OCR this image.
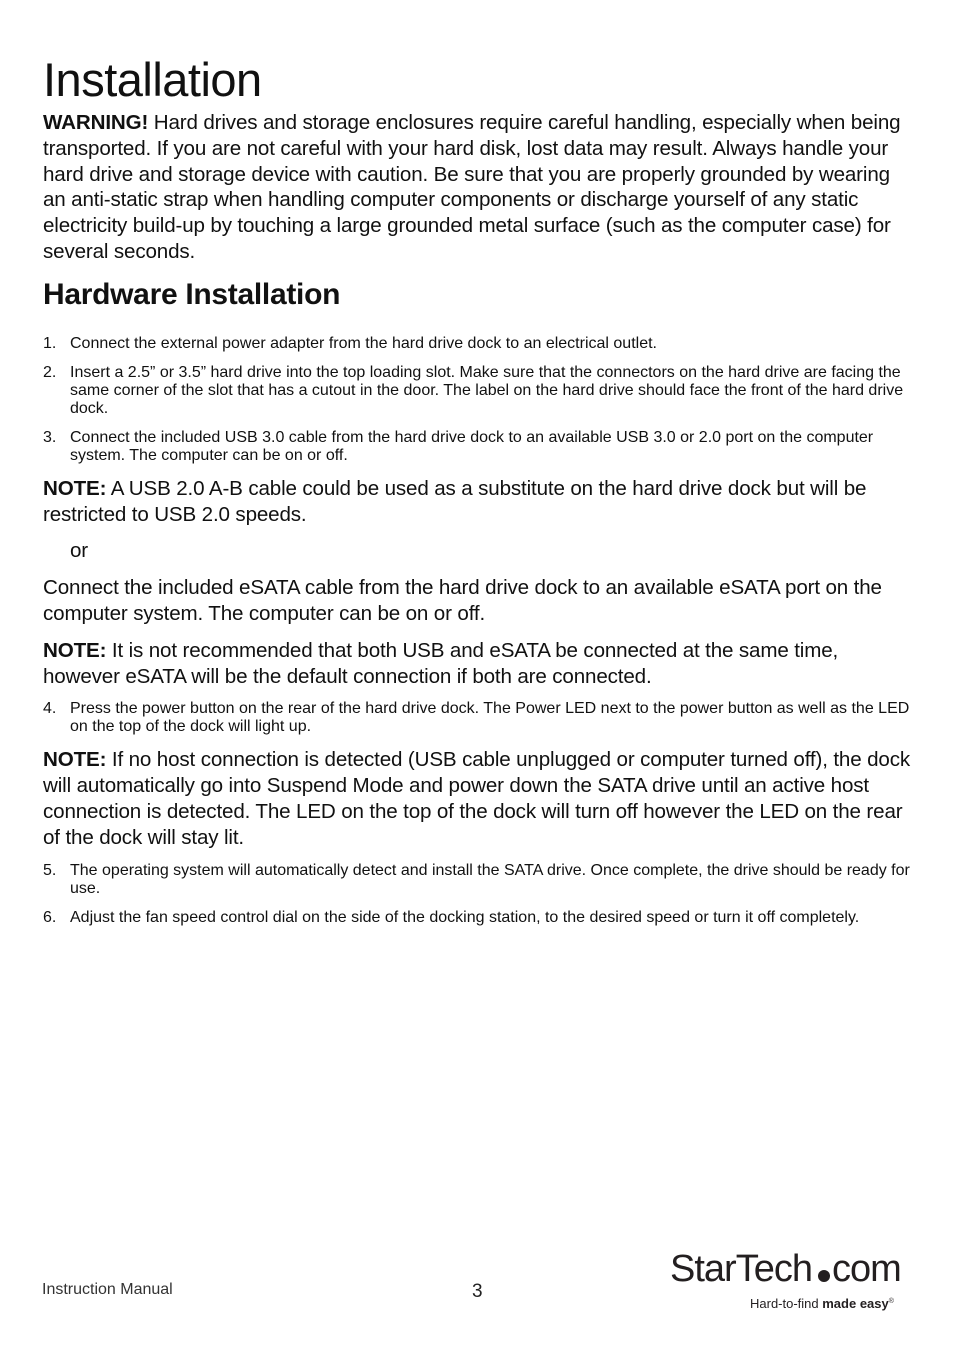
Installation

WARNING! Hard drives and storage enclosures require careful handling, especially when being transported. If you are not careful with your hard disk, lost data may result. Always handle your hard drive and storage device with caution. Be sure that you are properly grounded by wearing an anti-static strap when handling computer components or discharge yourself of any static electricity build-up by touching a large grounded metal surface (such as the computer case) for several seconds.

Hardware Installation
1. Connect the external power adapter from the hard drive dock to an electrical outlet.
2. Insert a 2.5” or 3.5” hard drive into the top loading slot. Make sure that the connectors on the hard drive are facing the same corner of the slot that has a cutout in the door. The label on the hard drive should face the front of the hard drive dock.
3. Connect the included USB 3.0 cable from the hard drive dock to an available USB 3.0 or 2.0 port on the computer system. The computer can be on or off.

NOTE: A USB 2.0 A-B cable could be used as a substitute on the hard drive dock but will be restricted to USB 2.0 speeds.

or

Connect the included eSATA cable from the hard drive dock to an available eSATA port on the computer system. The computer can be on or off.

NOTE: It is not recommended that both USB and eSATA be connected at the same time, however eSATA will be the default connection if both are connected.

4. Press the power button on the rear of the hard drive dock. The Power LED next to the power button as well as the LED on the top of the dock will light up.

NOTE: If no host connection is detected (USB cable unplugged or computer turned off), the dock will automatically go into Suspend Mode and power down the SATA drive until an active host connection is detected. The LED on the top of the dock will turn off however the LED on the rear of the dock will stay lit.

5. The operating system will automatically detect and install the SATA drive. Once complete, the drive should be ready for use.
6. Adjust the fan speed control dial on the side of the docking station, to the desired speed or turn it off completely.
Instruction Manual	3
StarTech com
Hard-to-find made easy®
